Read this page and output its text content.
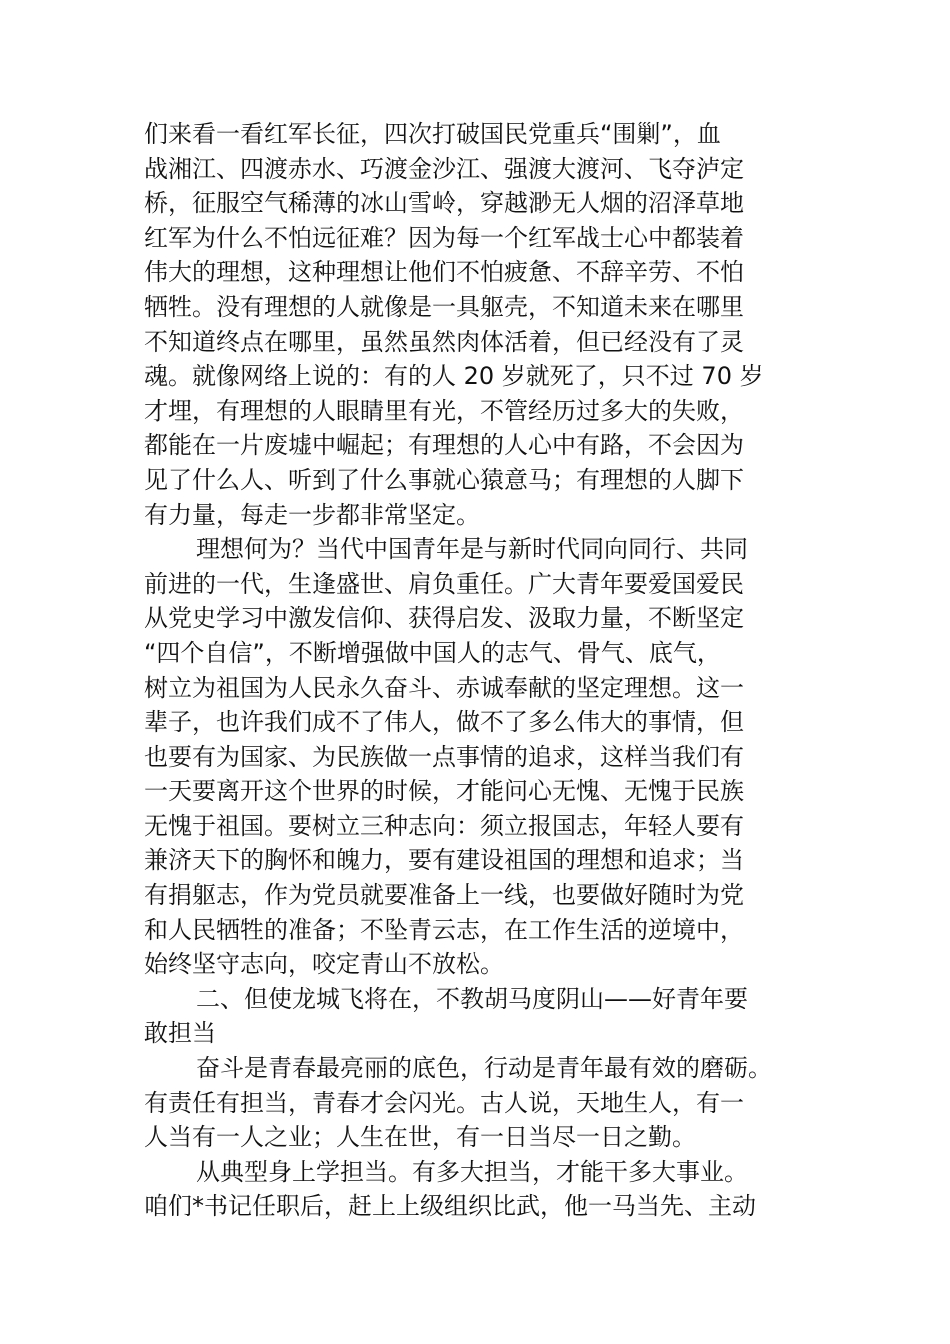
们来看一看红军长征，四次打破国民党重兵“围剿”，血
战湘江、四渡赤水、巧渡金沙江、强渡大渡河、飞夺泸定
桥，征服空气稀薄的冰山雪岭，穿越渺无人烟的沼泽草地
红军为什么不怕远征难？因为每一个红军战士心中都装着
伟大的理想，这种理想让他们不怕疲惫、不辞辛劳、不怕
牺牲。没有理想的人就像是一具躯壳，不知道未来在哪里
不知道终点在哪里，虽然虽然肉体活着，但已经没有了灵
魂。就像网络上说的：有的人 20 岁就死了，只不过 70 岁
才埋，有理想的人眼睛里有光，不管经历过多大的失败，
都能在一片废墟中崛起；有理想的人心中有路，不会因为
见了什么人、听到了什么事就心猿意马；有理想的人脚下
有力量，每走一步都非常坚定。
理想何为？当代中国青年是与新时代同向同行、共同
前进的一代，生逢盛世、肩负重任。广大青年要爱国爱民
从党史学习中激发信仰、获得启发、汲取力量，不断坚定
“四个自信”，不断增强做中国人的志气、骨气、底气，
树立为祖国为人民永久奋斗、赤诚奉献的坚定理想。这一
辈子，也许我们成不了伟人，做不了多么伟大的事情，但
也要有为国家、为民族做一点事情的追求，这样当我们有
一天要离开这个世界的时候，才能问心无愧、无愧于民族
无愧于祖国。要树立三种志向：须立报国志，年轻人要有
兼济天下的胸怀和魄力，要有建设祖国的理想和追求；当
有捐躯志，作为党员就要准备上一线，也要做好随时为党
和人民牺牲的准备；不坠青云志，在工作生活的逆境中，
始终坚守志向，咬定青山不放松。
二、但使龙城飞将在，不教胡马度阴山——好青年要
敢担当
奋斗是青春最亮丽的底色，行动是青年最有效的磨砺。
有责任有担当，青春才会闪光。古人说，天地生人，有一
人当有一人之业；人生在世，有一日当尽一日之勤。
从典型身上学担当。有多大担当，才能干多大事业。
咱们*书记任职后，赶上上级组织比武，他一马当先、主动
